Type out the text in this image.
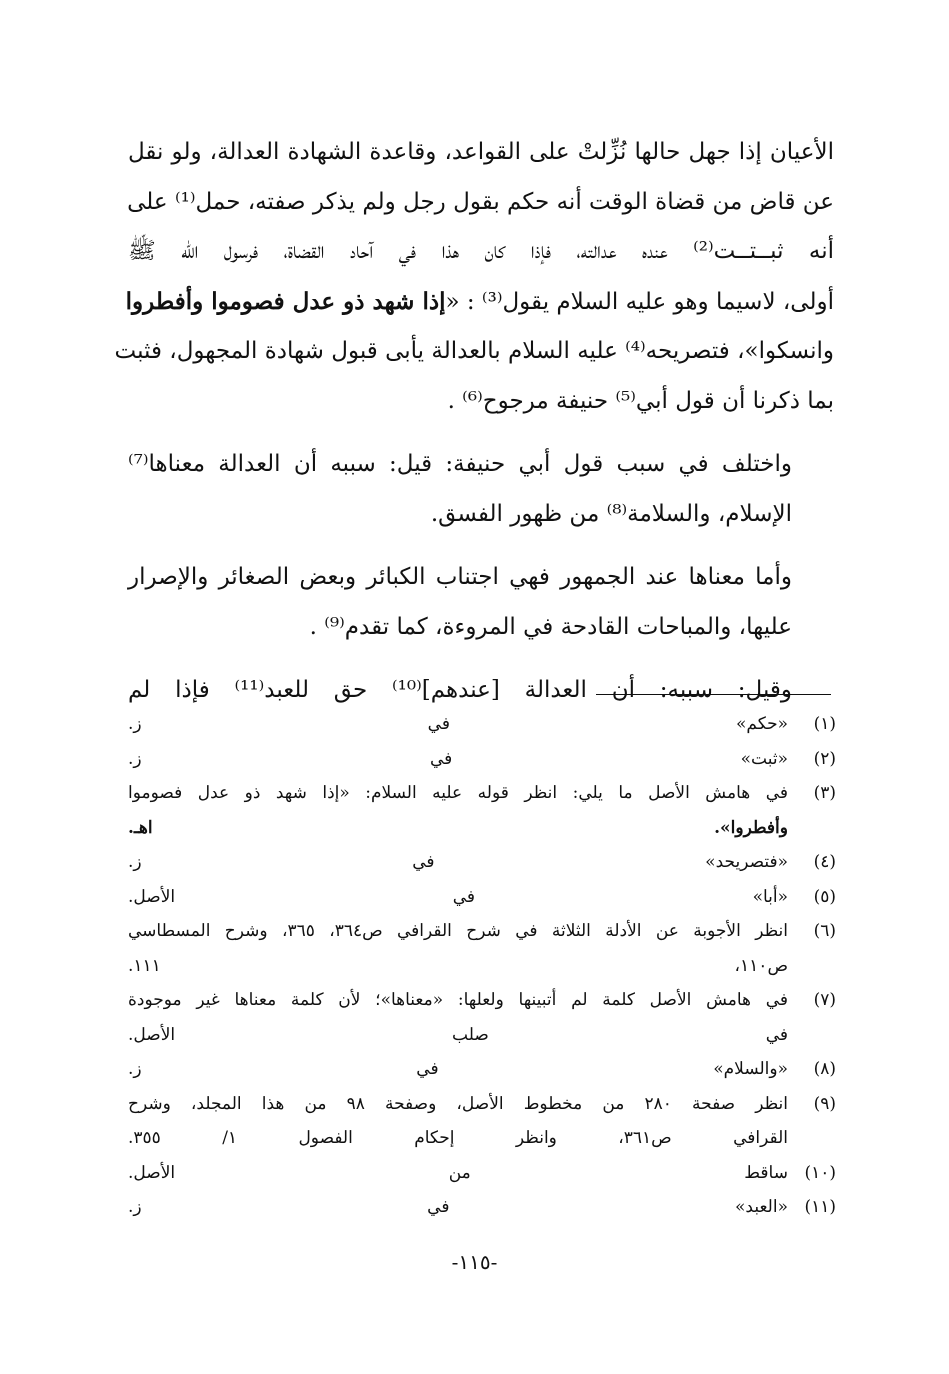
الأعيان إذا جهل حالها نُزِّلتْ على القواعد، وقاعدة الشهادة العدالة، ولو نقل
عن قاض من قضاة الوقت أنه حكم بقول رجل ولم يذكر صفته، حمل⁽¹⁾ على
أنه ثبــتــت⁽²⁾ عنده عدالته، فإذا كان هذا في آحاد القضاة، فرسول الله ﷺ
أولى، لاسيما وهو عليه السلام يقول⁽³⁾ : «إذا شهد ذو عدل فصوموا وأفطروا
وانسكوا»، فتصريحه⁽⁴⁾ عليه السلام بالعدالة يأبى قبول شهادة المجهول، فثبت
بما ذكرنا أن قول أبي⁽⁵⁾ حنيفة مرجوح⁽⁶⁾ .

واختلف في سبب قول أبي حنيفة: قيل: سببه أن العدالة معناها⁽⁷⁾
الإسلام، والسلامة⁽⁸⁾ من ظهور الفسق.

وأما معناها عند الجمهور فهي اجتناب الكبائر وبعض الصغائر والإصرار
عليها، والمباحات القادحة في المروءة، كما تقدم⁽⁹⁾ .

وقيل: سببه: أن العدالة [عندهم]⁽¹⁰⁾ حق للعبد⁽¹¹⁾ فإذا لم

(١)
«حكم» في ز.
(٢)
«ثبت» في ز.
(٣)
في هامش الأصل ما يلي: انظر قوله عليه السلام: «إذا شهد ذو عدل فصوموا
وأفطروا». اهـ.
(٤)
«فتصريحد» في ز.
(٥)
«أبا» في الأصل.
(٦)
انظر الأجوبة عن الأدلة الثلاثة في شرح القرافي ص٣٦٤، ٣٦٥، وشرح المسطاسي
ص١١٠، ١١١.
(٧)
في هامش الأصل كلمة لم أتبينها ولعلها: «معناها»؛ لأن كلمة معناها غير موجودة
في صلب الأصل.
(٨)
«والسلام» في ز.
(٩)
انظر صفحة ٢٨٠ من مخطوط الأصل، وصفحة ٩٨ من هذا المجلد، وشرح
القرافي ص٣٦١، وانظر إحكام الفصول ١/ ٣٥٥.
(١٠)
ساقط من الأصل.
(١١)
«العبد» في ز.
-١١٥-
